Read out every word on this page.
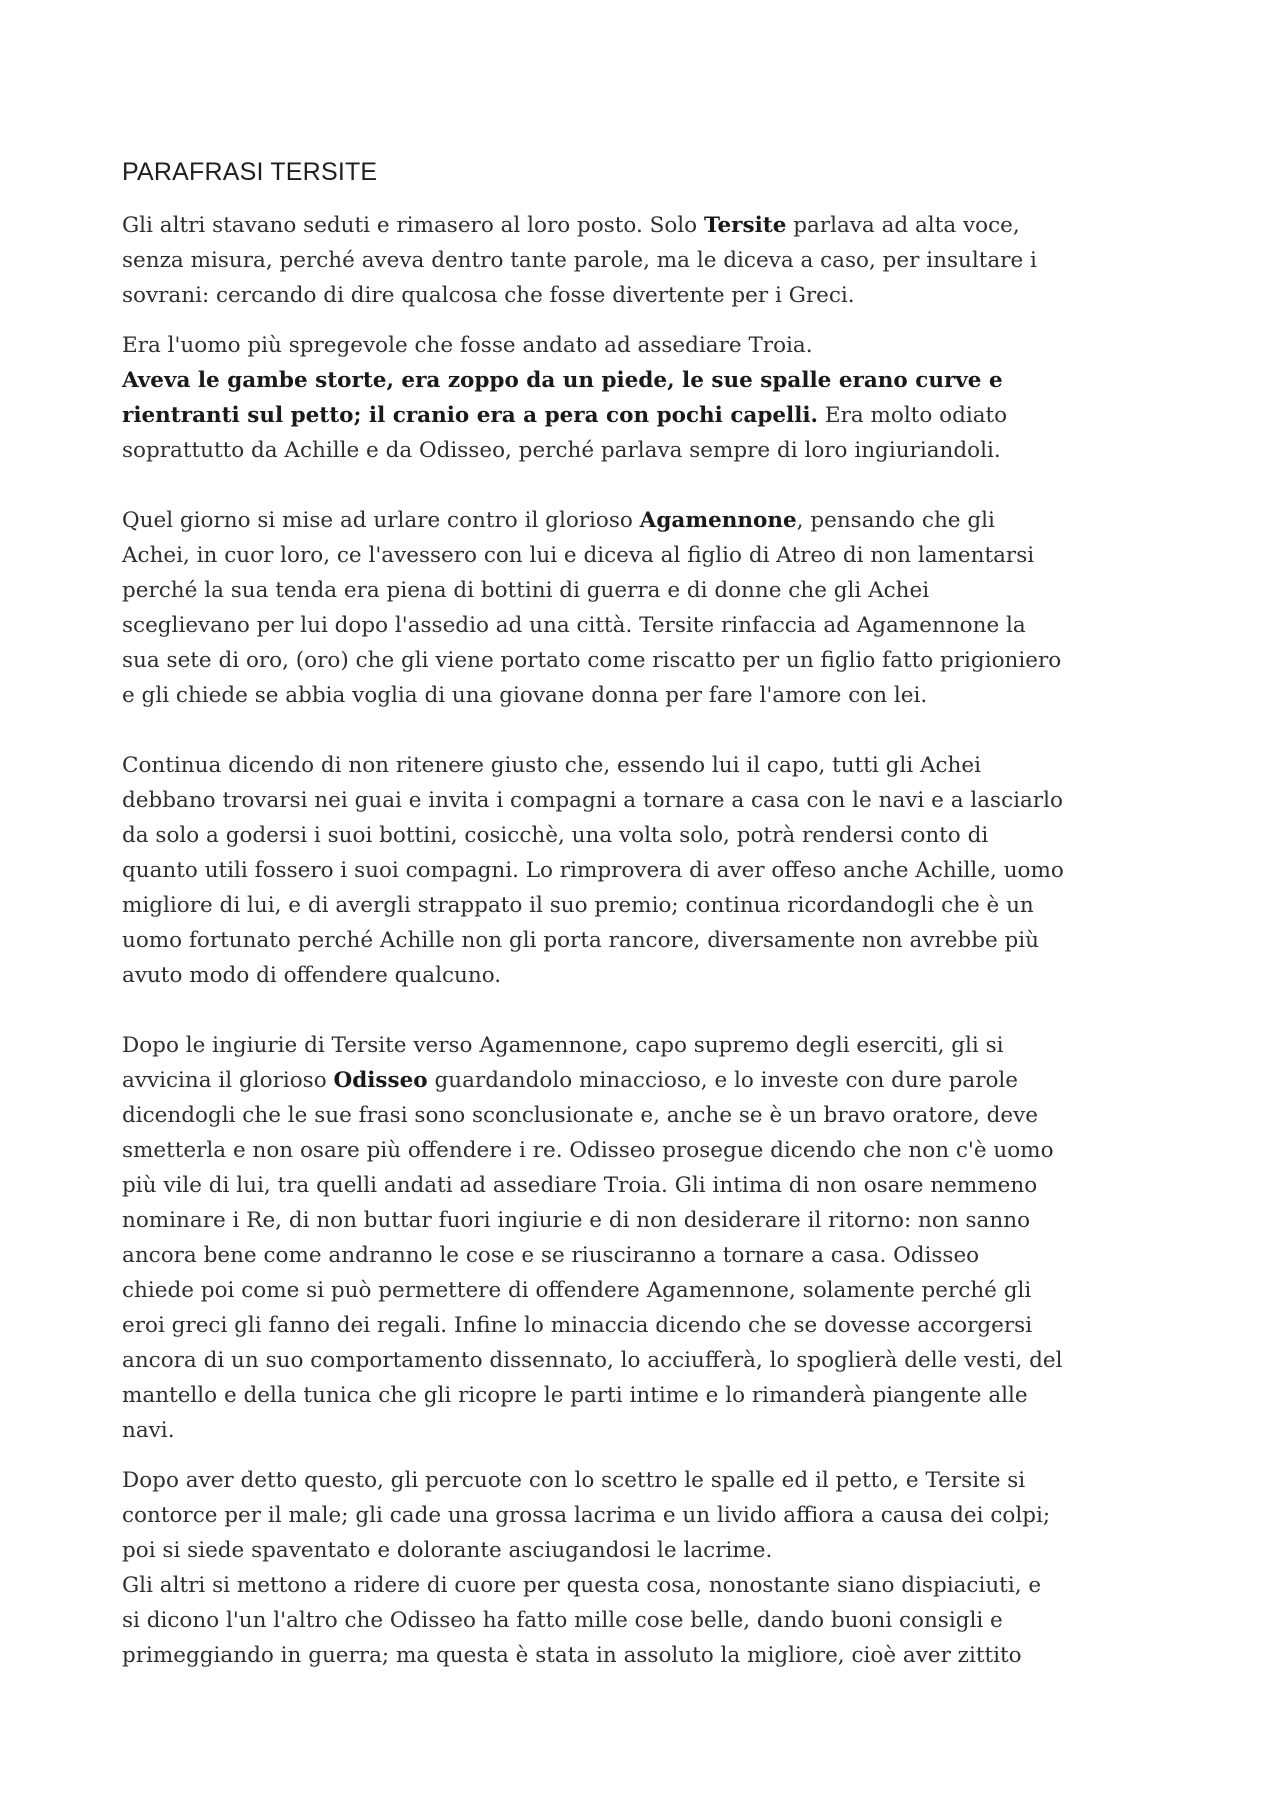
PARAFRASI TERSITE

Gli altri stavano seduti e rimasero al loro posto. Solo Tersite parlava ad alta voce,
senza misura, perché aveva dentro tante parole, ma le diceva a caso, per insultare i
sovrani: cercando di dire qualcosa che fosse divertente per i Greci.

Era l'uomo più spregevole che fosse andato ad assediare Troia.
Aveva le gambe storte, era zoppo da un piede, le sue spalle erano curve e
rientranti sul petto; il cranio era a pera con pochi capelli. Era molto odiato
soprattutto da Achille e da Odisseo, perché parlava sempre di loro ingiuriandoli.

Quel giorno si mise ad urlare contro il glorioso Agamennone, pensando che gli
Achei, in cuor loro, ce l'avessero con lui e diceva al figlio di Atreo di non lamentarsi
perché la sua tenda era piena di bottini di guerra e di donne che gli Achei
sceglievano per lui dopo l'assedio ad una città. Tersite rinfaccia ad Agamennone la
sua sete di oro, (oro) che gli viene portato come riscatto per un figlio fatto prigioniero
e gli chiede se abbia voglia di una giovane donna per fare l'amore con lei.

Continua dicendo di non ritenere giusto che, essendo lui il capo, tutti gli Achei
debbano trovarsi nei guai e invita i compagni a tornare a casa con le navi e a lasciarlo
da solo a godersi i suoi bottini, cosicchè, una volta solo, potrà rendersi conto di
quanto utili fossero i suoi compagni. Lo rimprovera di aver offeso anche Achille, uomo
migliore di lui, e di avergli strappato il suo premio; continua ricordandogli che è un
uomo fortunato perché Achille non gli porta rancore, diversamente non avrebbe più
avuto modo di offendere qualcuno.

Dopo le ingiurie di Tersite verso Agamennone, capo supremo degli eserciti, gli si
avvicina il glorioso Odisseo guardandolo minaccioso, e lo investe con dure parole
dicendogli che le sue frasi sono sconclusionate e, anche se è un bravo oratore, deve
smetterla e non osare più offendere i re. Odisseo prosegue dicendo che non c'è uomo
più vile di lui, tra quelli andati ad assediare Troia. Gli intima di non osare nemmeno
nominare i Re, di non buttar fuori ingiurie e di non desiderare il ritorno: non sanno
ancora bene come andranno le cose e se riusciranno a tornare a casa. Odisseo
chiede poi come si può permettere di offendere Agamennone, solamente perché gli
eroi greci gli fanno dei regali. Infine lo minaccia dicendo che se dovesse accorgersi
ancora di un suo comportamento dissennato, lo acciufferà, lo spoglierà delle vesti, del
mantello e della tunica che gli ricopre le parti intime e lo rimanderà piangente alle
navi.

Dopo aver detto questo, gli percuote con lo scettro le spalle ed il petto, e Tersite si
contorce per il male; gli cade una grossa lacrima e un livido affiora a causa dei colpi;
poi si siede spaventato e dolorante asciugandosi le lacrime.
Gli altri si mettono a ridere di cuore per questa cosa, nonostante siano dispiaciuti, e
si dicono l'un l'altro che Odisseo ha fatto mille cose belle, dando buoni consigli e
primeggiando in guerra; ma questa è stata in assoluto la migliore, cioè aver zittito
